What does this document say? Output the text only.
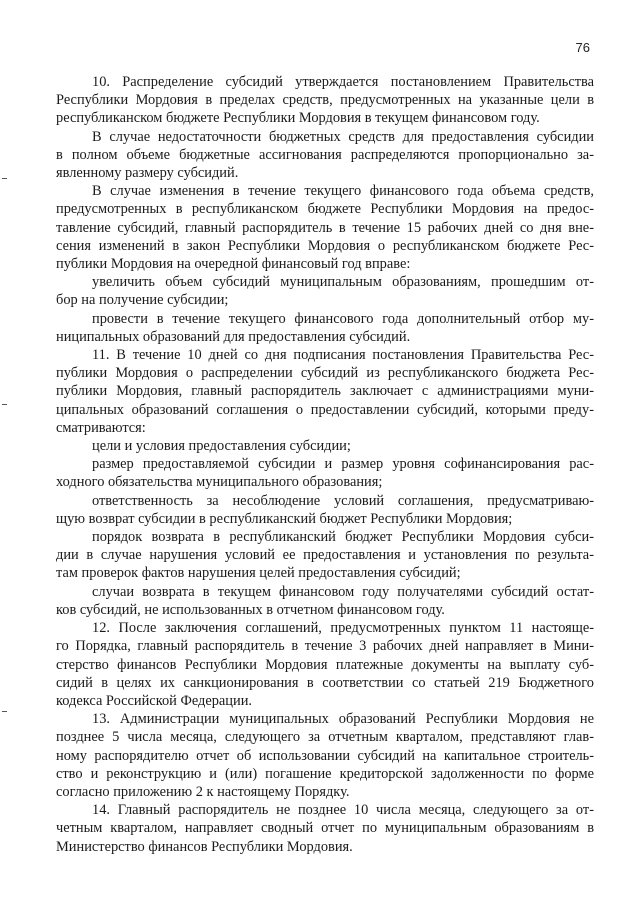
76
10. Распределение субсидий утверждается постановлением Правительства
Республики Мордовия в пределах средств, предусмотренных на указанные цели в
республиканском бюджете Республики Мордовия в текущем финансовом году.
В случае недостаточности бюджетных средств для предоставления субсидии
в полном объеме бюджетные ассигнования распределяются пропорционально за-
явленному размеру субсидий.
В случае изменения в течение текущего финансового года объема средств,
предусмотренных в республиканском бюджете Республики Мордовия на предос-
тавление субсидий, главный распорядитель в течение 15 рабочих дней со дня вне-
сения изменений в закон Республики Мордовия о республиканском бюджете Рес-
публики Мордовия на очередной финансовый год вправе:
увеличить объем субсидий муниципальным образованиям, прошедшим от-
бор на получение субсидии;
провести в течение текущего финансового года дополнительный отбор му-
ниципальных образований для предоставления субсидий.
11. В течение 10 дней со дня подписания постановления Правительства Рес-
публики Мордовия о распределении субсидий из республиканского бюджета Рес-
публики Мордовия, главный распорядитель заключает с администрациями муни-
ципальных образований соглашения о предоставлении субсидий, которыми преду-
сматриваются:
цели и условия предоставления субсидии;
размер предоставляемой субсидии и размер уровня софинансирования рас-
ходного обязательства муниципального образования;
ответственность за несоблюдение условий соглашения, предусматриваю-
щую возврат субсидии в республиканский бюджет Республики Мордовия;
порядок возврата в республиканский бюджет Республики Мордовия субси-
дии в случае нарушения условий ее предоставления и установления по результа-
там проверок фактов нарушения целей предоставления субсидий;
случаи возврата в текущем финансовом году получателями субсидий остат-
ков субсидий, не использованных в отчетном финансовом году.
12. После заключения соглашений, предусмотренных пунктом 11 настояще-
го Порядка, главный распорядитель в течение 3 рабочих дней направляет в Мини-
стерство финансов Республики Мордовия платежные документы на выплату суб-
сидий в целях их санкционирования в соответствии со статьей 219 Бюджетного
кодекса Российской Федерации.
13. Администрации муниципальных образований Республики Мордовия не
позднее 5 числа месяца, следующего за отчетным кварталом, представляют глав-
ному распорядителю отчет об использовании субсидий на капитальное строитель-
ство и реконструкцию и (или) погашение кредиторской задолженности по форме
согласно приложению 2 к настоящему Порядку.
14. Главный распорядитель не позднее 10 числа месяца, следующего за от-
четным кварталом, направляет сводный отчет по муниципальным образованиям в
Министерство финансов Республики Мордовия.
